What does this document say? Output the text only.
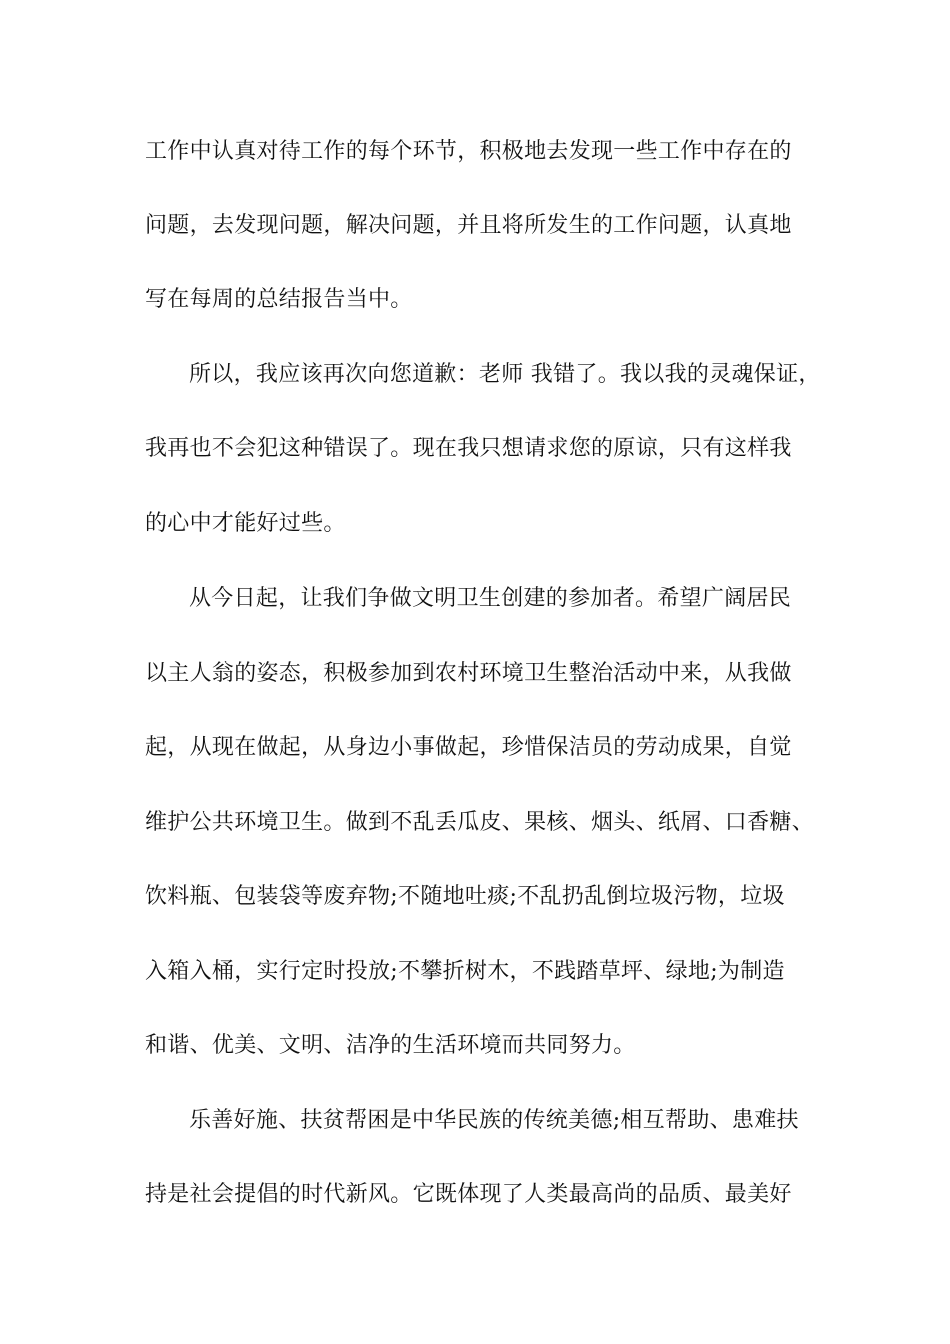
工作中认真对待工作的每个环节，积极地去发现一些工作中存在的

问题，去发现问题，解决问题，并且将所发生的工作问题，认真地

写在每周的总结报告当中。

所以，我应该再次向您道歉：老师 我错了。我以我的灵魂保证，

我再也不会犯这种错误了。现在我只想请求您的原谅，只有这样我

的心中才能好过些。

从今日起，让我们争做文明卫生创建的参加者。希望广阔居民

以主人翁的姿态，积极参加到农村环境卫生整治活动中来，从我做

起，从现在做起，从身边小事做起，珍惜保洁员的劳动成果，自觉

维护公共环境卫生。做到不乱丢瓜皮、果核、烟头、纸屑、口香糖、

饮料瓶、包装袋等废弃物;不随地吐痰;不乱扔乱倒垃圾污物，垃圾

入箱入桶，实行定时投放;不攀折树木，不践踏草坪、绿地;为制造

和谐、优美、文明、洁净的生活环境而共同努力。

乐善好施、扶贫帮困是中华民族的传统美德;相互帮助、患难扶

持是社会提倡的时代新风。它既体现了人类最高尚的品质、最美好
